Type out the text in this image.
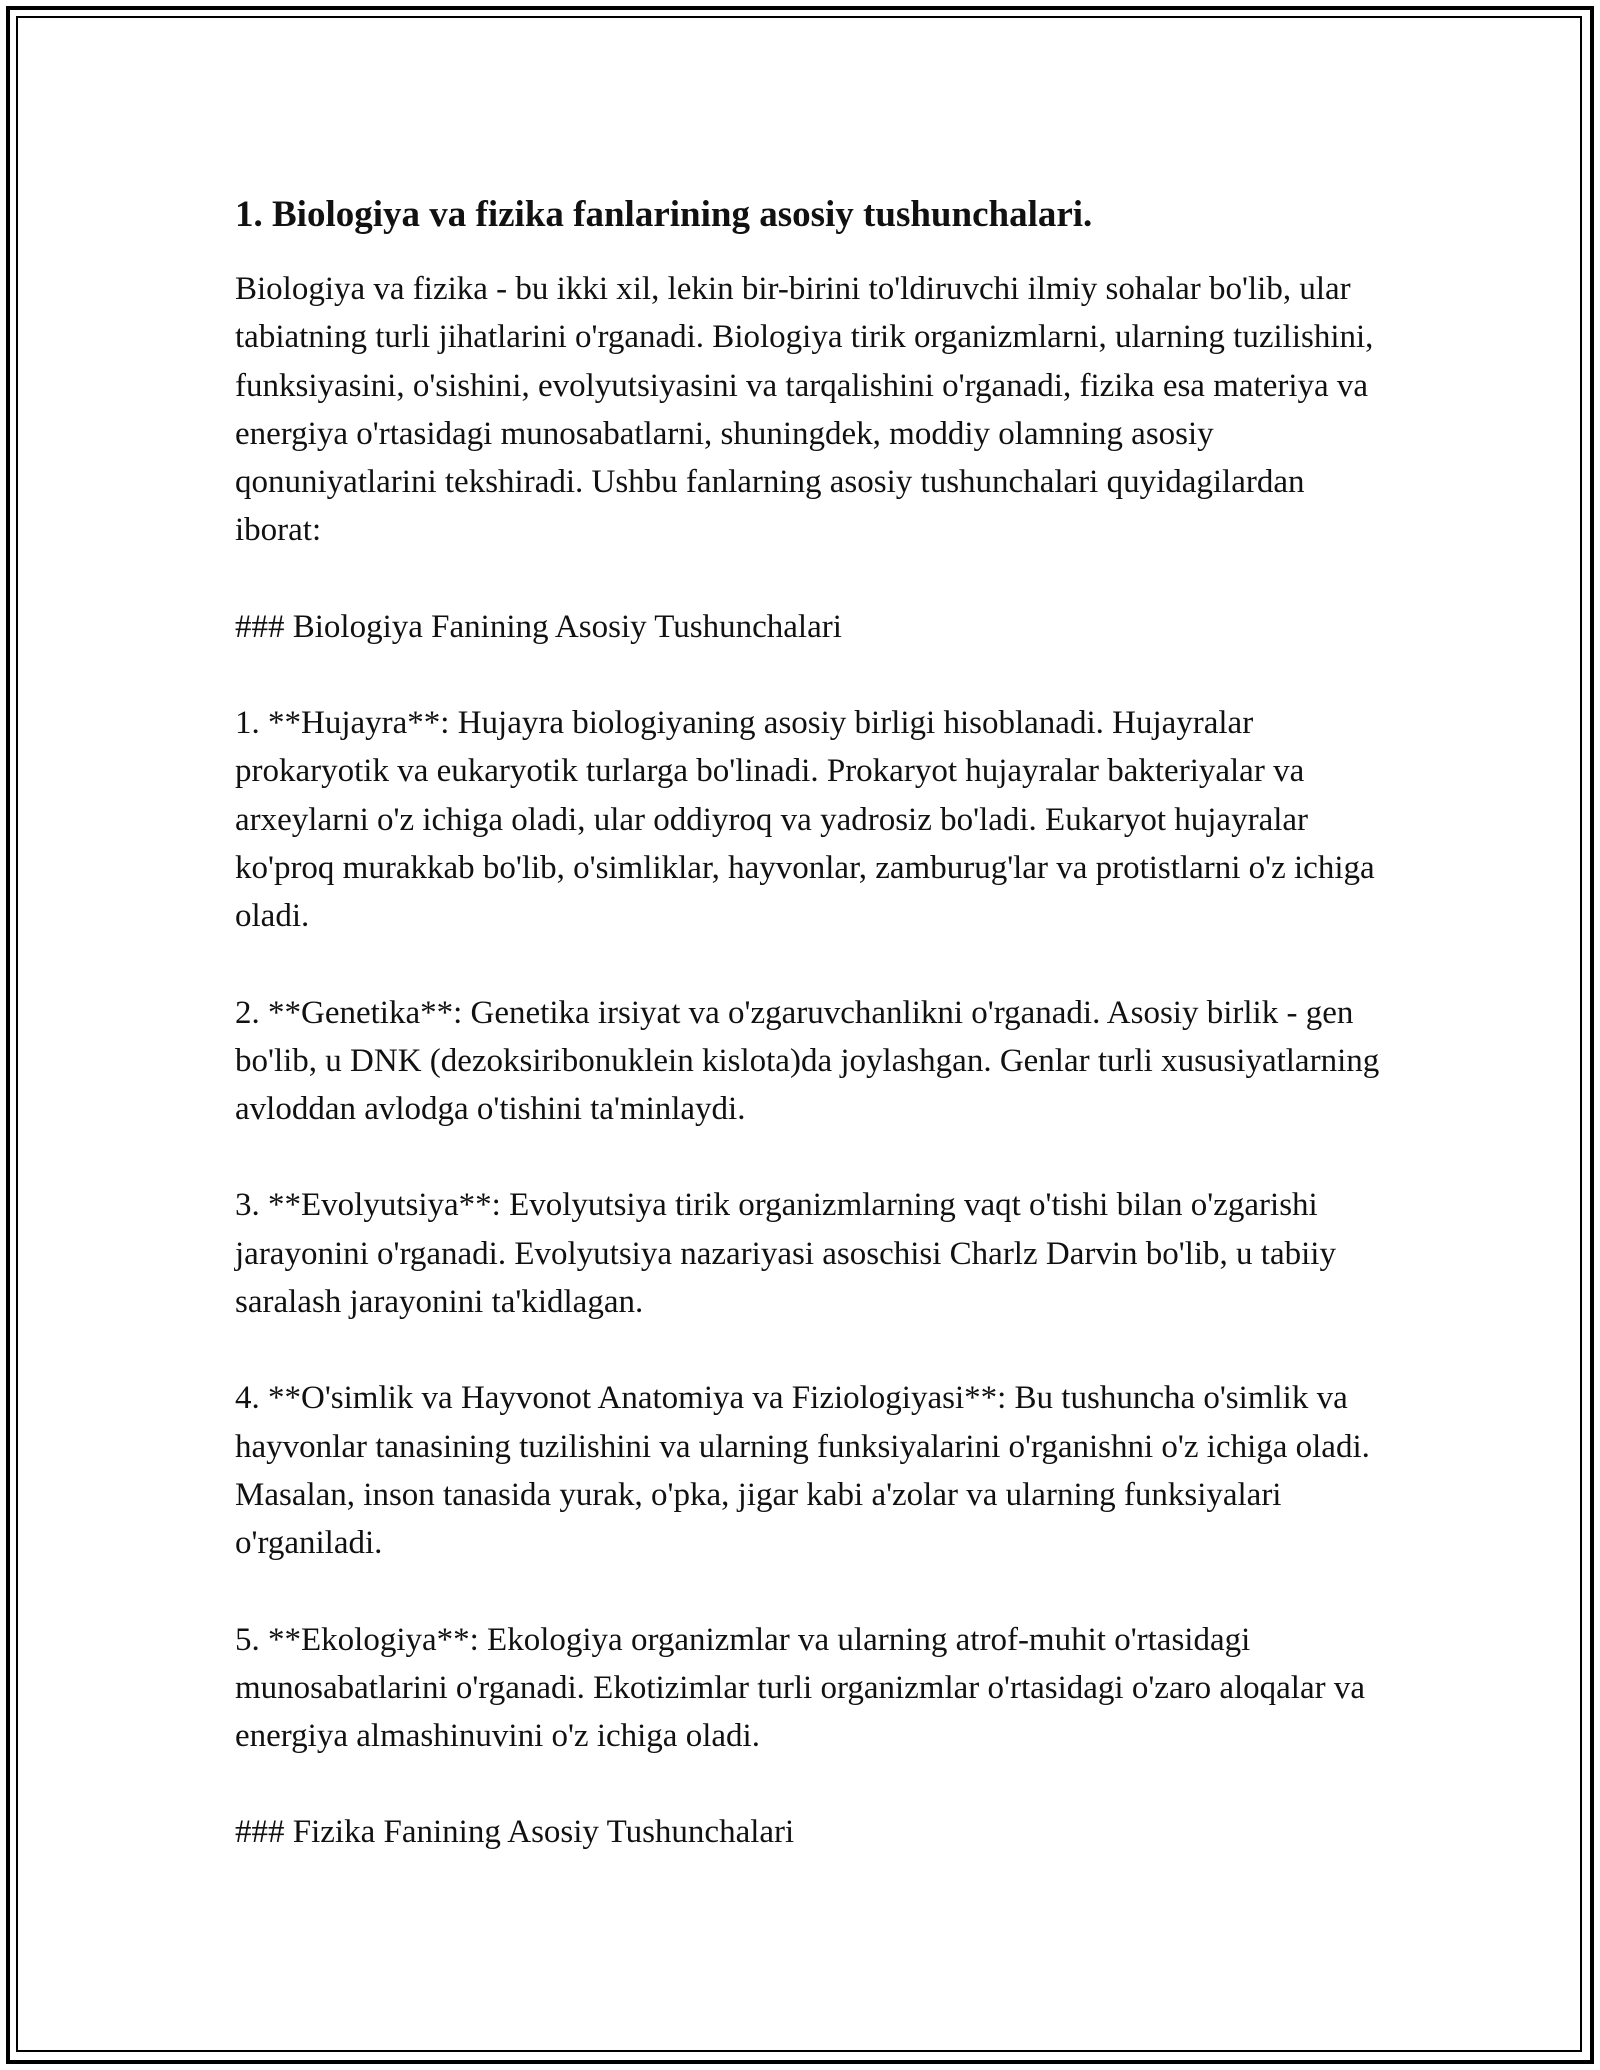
1. Biologiya va fizika fanlarining asosiy tushunchalari.

Biologiya va fizika - bu ikki xil, lekin bir-birini to'ldiruvchi ilmiy sohalar bo'lib, ular tabiatning turli jihatlarini o'rganadi. Biologiya tirik organizmlarni, ularning tuzilishini, funksiyasini, o'sishini, evolyutsiyasini va tarqalishini o'rganadi, fizika esa materiya va energiya o'rtasidagi munosabatlarni, shuningdek, moddiy olamning asosiy qonuniyatlarini tekshiradi. Ushbu fanlarning asosiy tushunchalari quyidagilardan iborat:

### Biologiya Fanining Asosiy Tushunchalari

1. **Hujayra**: Hujayra biologiyaning asosiy birligi hisoblanadi. Hujayralar prokaryotik va eukaryotik turlarga bo'linadi. Prokaryot hujayralar bakteriyalar va arxeylarni o'z ichiga oladi, ular oddiyroq va yadrosiz bo'ladi. Eukaryot hujayralar ko'proq murakkab bo'lib, o'simliklar, hayvonlar, zamburug'lar va protistlarni o'z ichiga oladi.

2. **Genetika**: Genetika irsiyat va o'zgaruvchanlikni o'rganadi. Asosiy birlik - gen bo'lib, u DNK (dezoksiribonuklein kislota)da joylashgan. Genlar turli xususiyatlarning avloddan avlodga o'tishini ta'minlaydi.

3. **Evolyutsiya**: Evolyutsiya tirik organizmlarning vaqt o'tishi bilan o'zgarishi jarayonini o'rganadi. Evolyutsiya nazariyasi asoschisi Charlz Darvin bo'lib, u tabiiy saralash jarayonini ta'kidlagan.

4. **O'simlik va Hayvonot Anatomiya va Fiziologiyasi**: Bu tushuncha o'simlik va hayvonlar tanasining tuzilishini va ularning funksiyalarini o'rganishni o'z ichiga oladi. Masalan, inson tanasida yurak, o'pka, jigar kabi a'zolar va ularning funksiyalari o'rganiladi.

5. **Ekologiya**: Ekologiya organizmlar va ularning atrof-muhit o'rtasidagi munosabatlarini o'rganadi. Ekotizimlar turli organizmlar o'rtasidagi o'zaro aloqalar va energiya almashinuvini o'z ichiga oladi.

### Fizika Fanining Asosiy Tushunchalari
